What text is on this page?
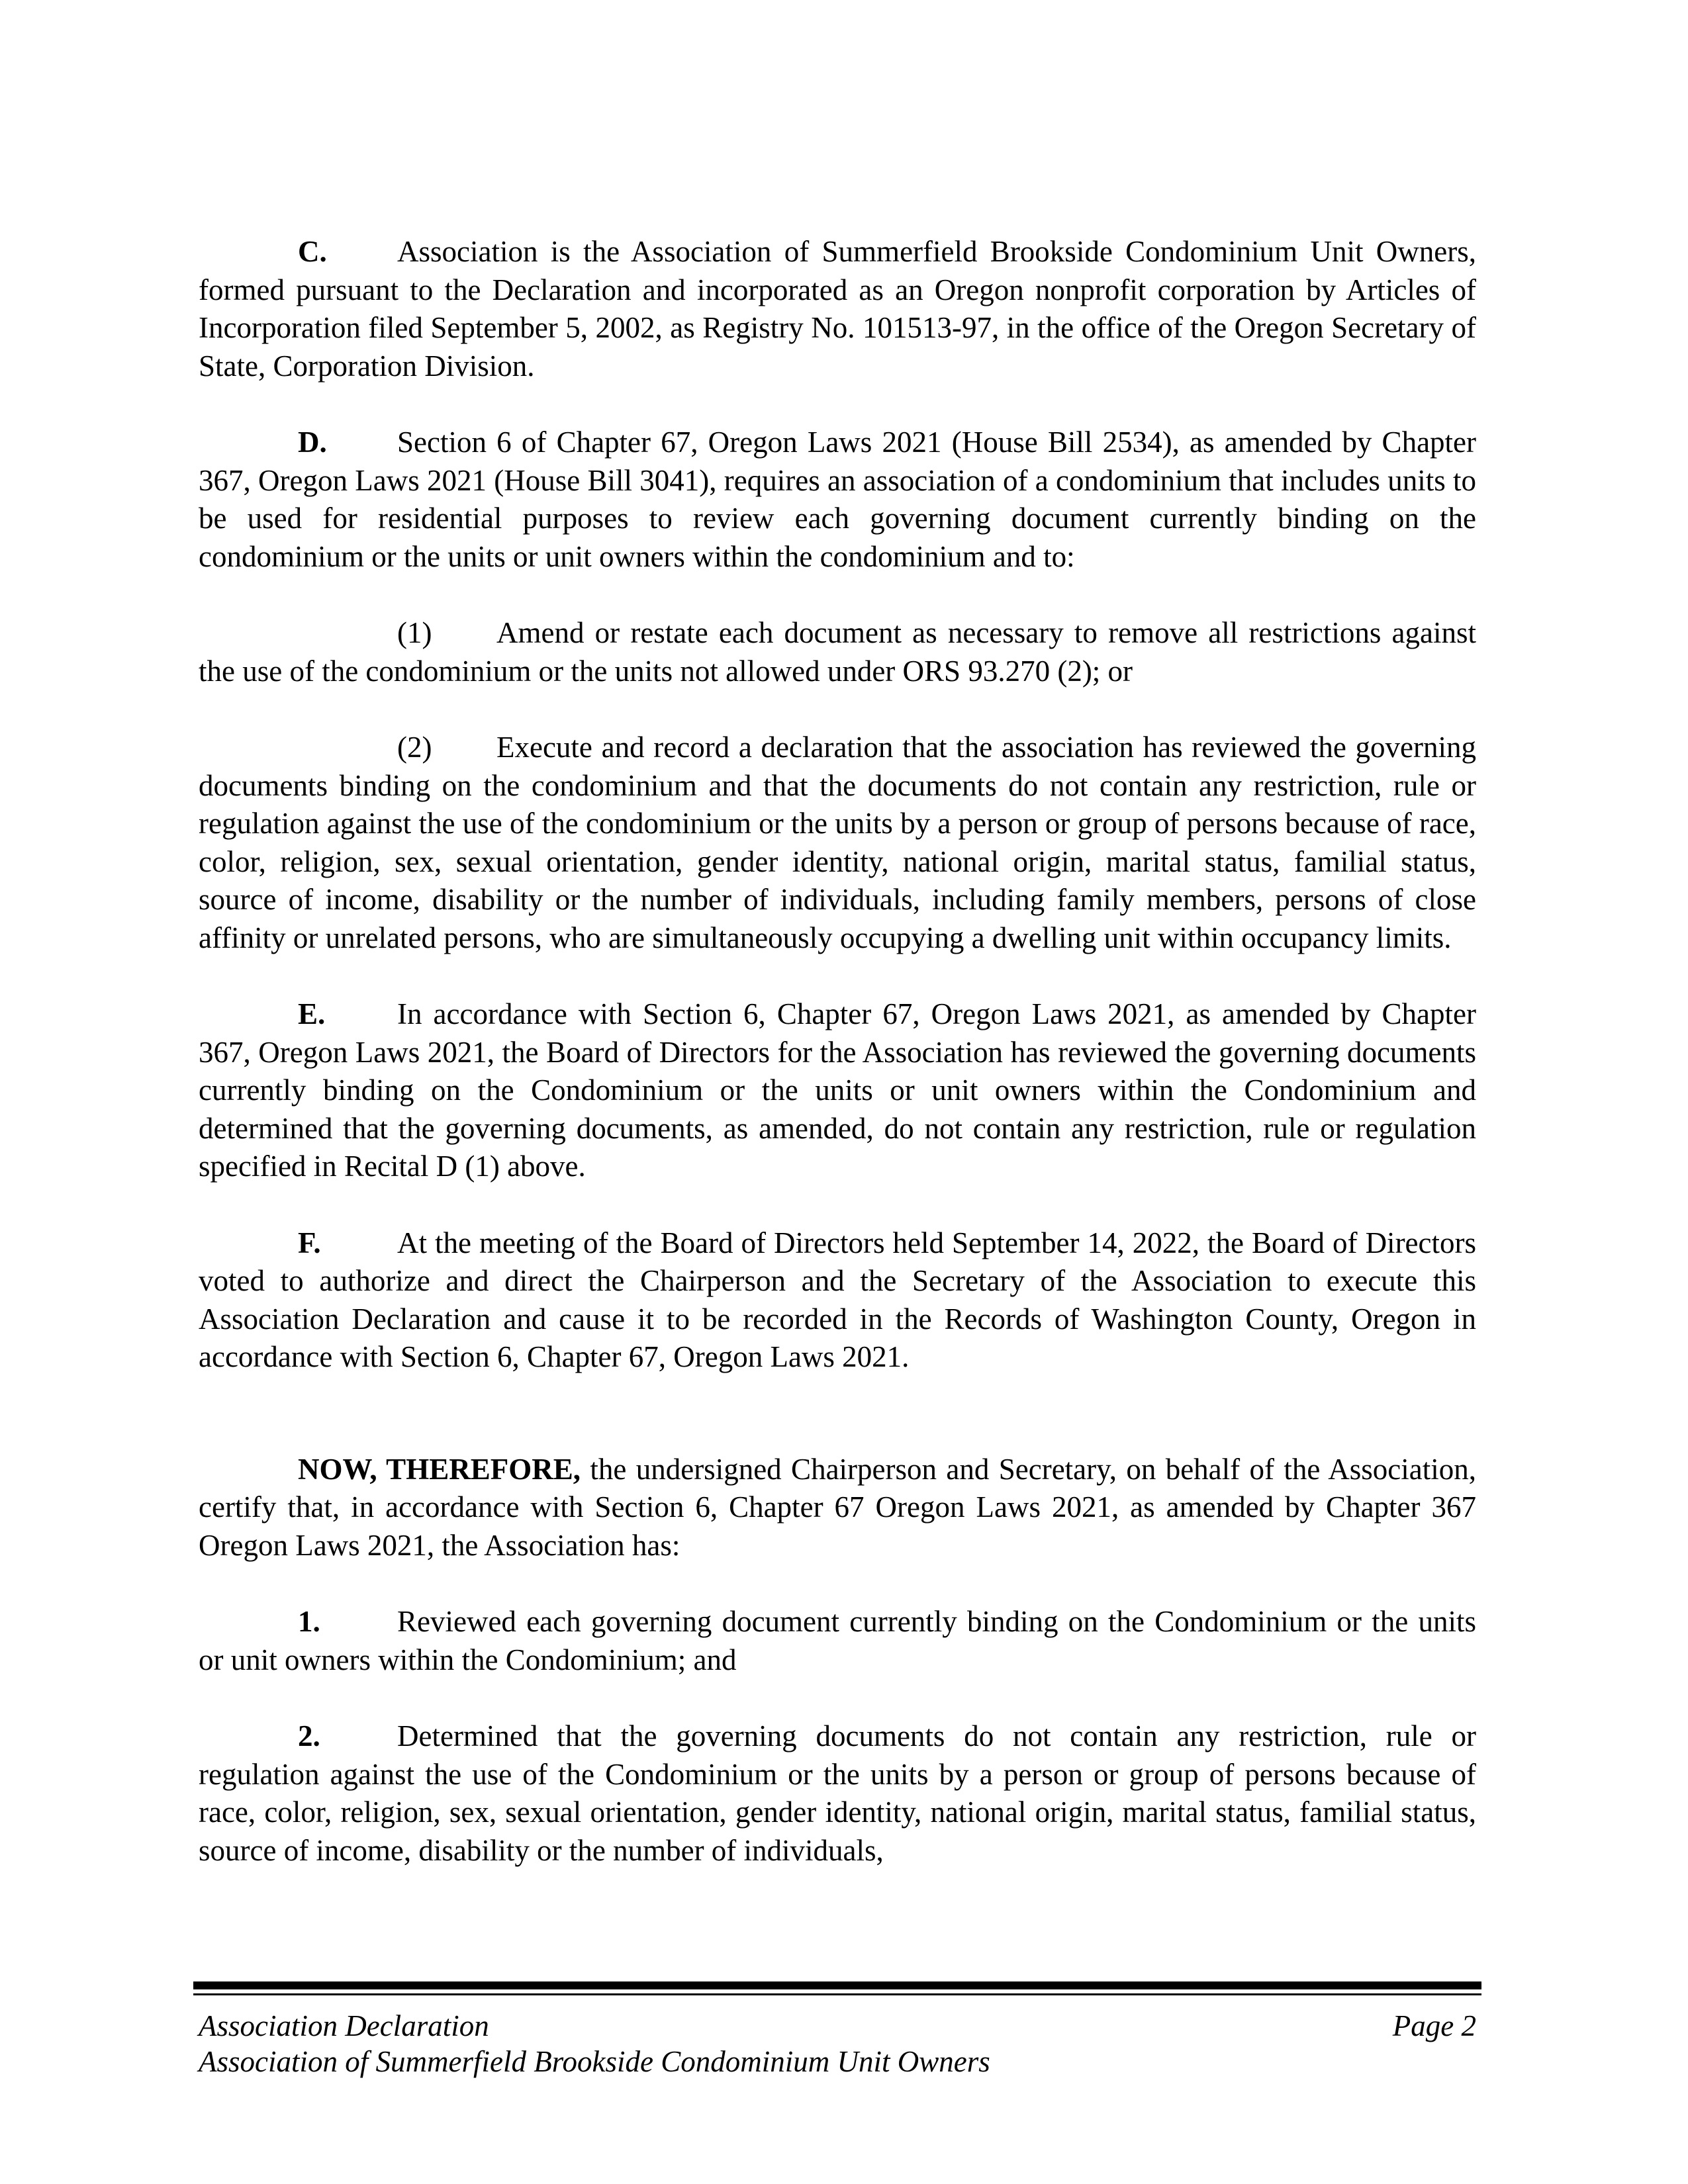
C. Association is the Association of Summerfield Brookside Condominium Unit Owners, formed pursuant to the Declaration and incorporated as an Oregon nonprofit corporation by Articles of Incorporation filed September 5, 2002, as Registry No. 101513-97, in the office of the Oregon Secretary of State, Corporation Division.

D. Section 6 of Chapter 67, Oregon Laws 2021 (House Bill 2534), as amended by Chapter 367, Oregon Laws 2021 (House Bill 3041), requires an association of a condominium that includes units to be used for residential purposes to review each governing document currently binding on the condominium or the units or unit owners within the condominium and to:

(1) Amend or restate each document as necessary to remove all restrictions against the use of the condominium or the units not allowed under ORS 93.270 (2); or

(2) Execute and record a declaration that the association has reviewed the governing documents binding on the condominium and that the documents do not contain any restriction, rule or regulation against the use of the condominium or the units by a person or group of persons because of race, color, religion, sex, sexual orientation, gender identity, national origin, marital status, familial status, source of income, disability or the number of individuals, including family members, persons of close affinity or unrelated persons, who are simultaneously occupying a dwelling unit within occupancy limits.

E. In accordance with Section 6, Chapter 67, Oregon Laws 2021, as amended by Chapter 367, Oregon Laws 2021, the Board of Directors for the Association has reviewed the governing documents currently binding on the Condominium or the units or unit owners within the Condominium and determined that the governing documents, as amended, do not contain any restriction, rule or regulation specified in Recital D (1) above.

F.	At the meeting of the Board of Directors held September 14, 2022, the Board of Directors voted to authorize and direct the Chairperson and the Secretary of the Association to execute this Association Declaration and cause it to be recorded in the Records of Washington County, Oregon in accordance with Section 6, Chapter 67, Oregon Laws 2021.

NOW, THEREFORE, the undersigned Chairperson and Secretary, on behalf of the Association, certify that, in accordance with Section 6, Chapter 67 Oregon Laws 2021, as amended by Chapter 367 Oregon Laws 2021, the Association has:

1.	Reviewed each governing document currently binding on the Condominium or the units or unit owners within the Condominium; and

2.	Determined that the governing documents do not contain any restriction, rule or regulation against the use of the Condominium or the units by a person or group of persons because of race, color, religion, sex, sexual orientation, gender identity, national origin, marital status, familial status, source of income, disability or the number of individuals,

Association Declaration	Page 2
Association of Summerfield Brookside Condominium Unit Owners
